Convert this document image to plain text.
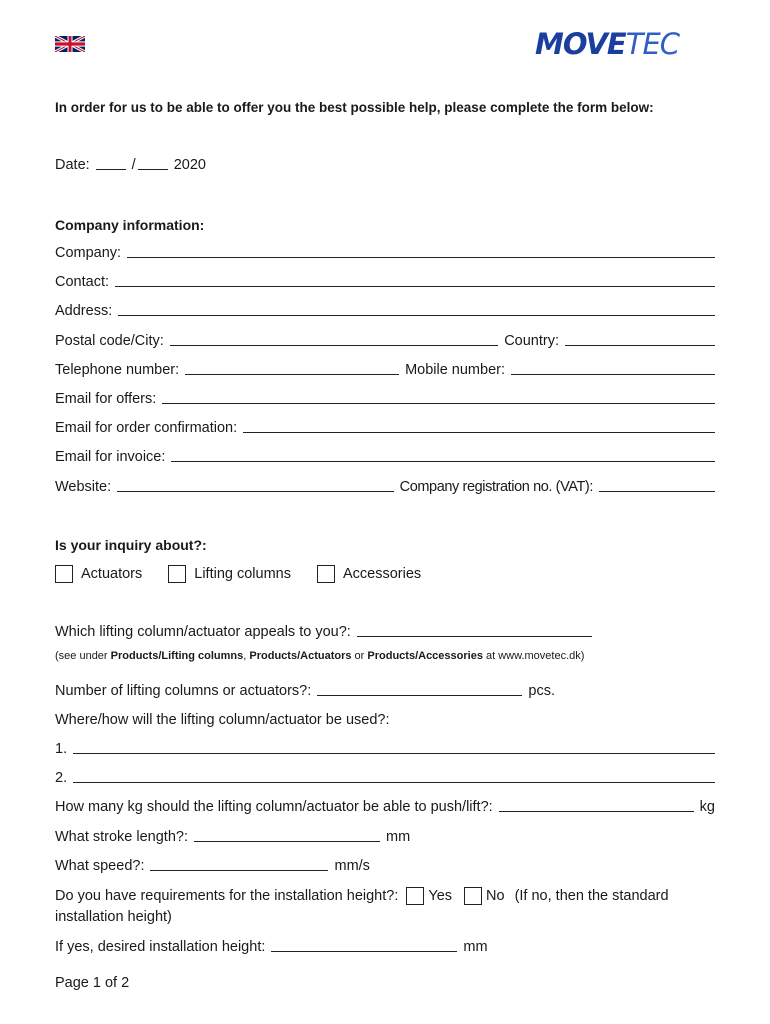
MOVETEC
In order for us to be able to offer you the best possible help, please complete the form below:
Date:	/	2020
Company information:
Company:
Contact:
Address:
Postal code/City:	Country:
Telephone number:	Mobile number:
Email for offers:
Email for order confirmation:
Email for invoice:
Website:	Company registration no. (VAT):
Is your inquiry about?:
Actuators	Lifting columns	Accessories
Which lifting column/actuator appeals to you?:
(see under Products/Lifting columns, Products/Actuators or Products/Accessories at www.movetec.dk)
Number of lifting columns or actuators?:	pcs.
Where/how will the lifting column/actuator be used?:
1.
2.
How many kg should the lifting column/actuator be able to push/lift?:	kg
What stroke length?:	mm
What speed?:	mm/s
Do you have requirements for the installation height?: Yes No (If no, then the standard
installation height)
If yes, desired installation height:	mm
Page 1 of 2
